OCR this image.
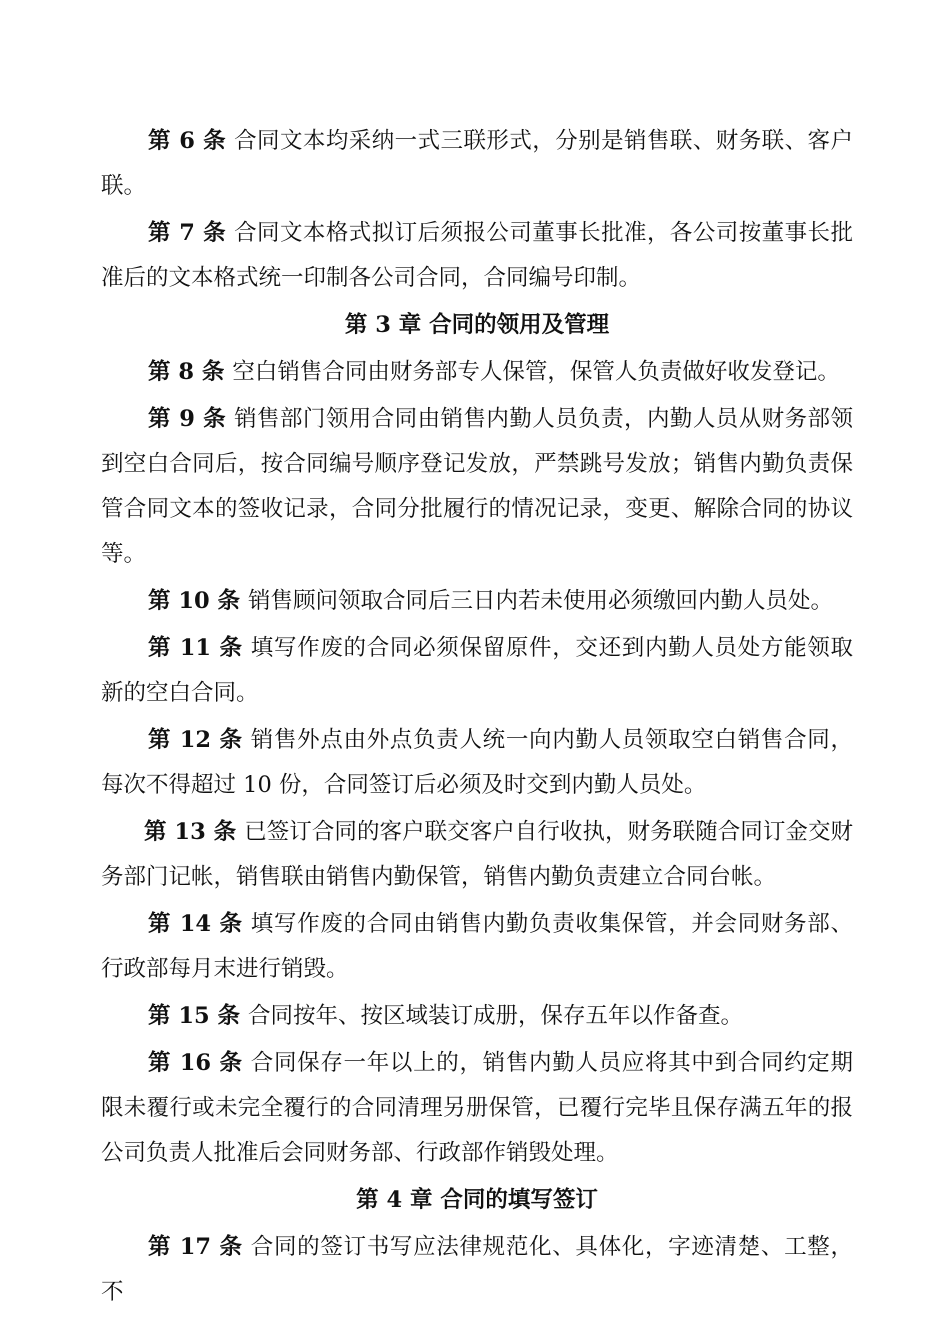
第 6 条 合同文本均采纳一式三联形式，分别是销售联、财务联、客户联。

第 7 条 合同文本格式拟订后须报公司董事长批准，各公司按董事长批准后的文本格式统一印制各公司合同，合同编号印制。

第 3 章 合同的领用及管理

第 8 条 空白销售合同由财务部专人保管，保管人负责做好收发登记。

第 9 条 销售部门领用合同由销售内勤人员负责，内勤人员从财务部领到空白合同后，按合同编号顺序登记发放，严禁跳号发放；销售内勤负责保管合同文本的签收记录，合同分批履行的情况记录，变更、解除合同的协议等。

第 10 条 销售顾问领取合同后三日内若未使用必须缴回内勤人员处。

第 11 条 填写作废的合同必须保留原件，交还到内勤人员处方能领取新的空白合同。

第 12 条 销售外点由外点负责人统一向内勤人员领取空白销售合同，每次不得超过 10 份，合同签订后必须及时交到内勤人员处。

第 13 条 已签订合同的客户联交客户自行收执，财务联随合同订金交财务部门记帐，销售联由销售内勤保管，销售内勤负责建立合同台帐。

第 14 条 填写作废的合同由销售内勤负责收集保管，并会同财务部、行政部每月末进行销毁。

第 15 条 合同按年、按区域装订成册，保存五年以作备查。

第 16 条 合同保存一年以上的，销售内勤人员应将其中到合同约定期限未覆行或未完全覆行的合同清理另册保管，已覆行完毕且保存满五年的报公司负责人批准后会同财务部、行政部作销毁处理。

第 4 章 合同的填写签订

第 17 条 合同的签订书写应法律规范化、具体化，字迹清楚、工整，不
